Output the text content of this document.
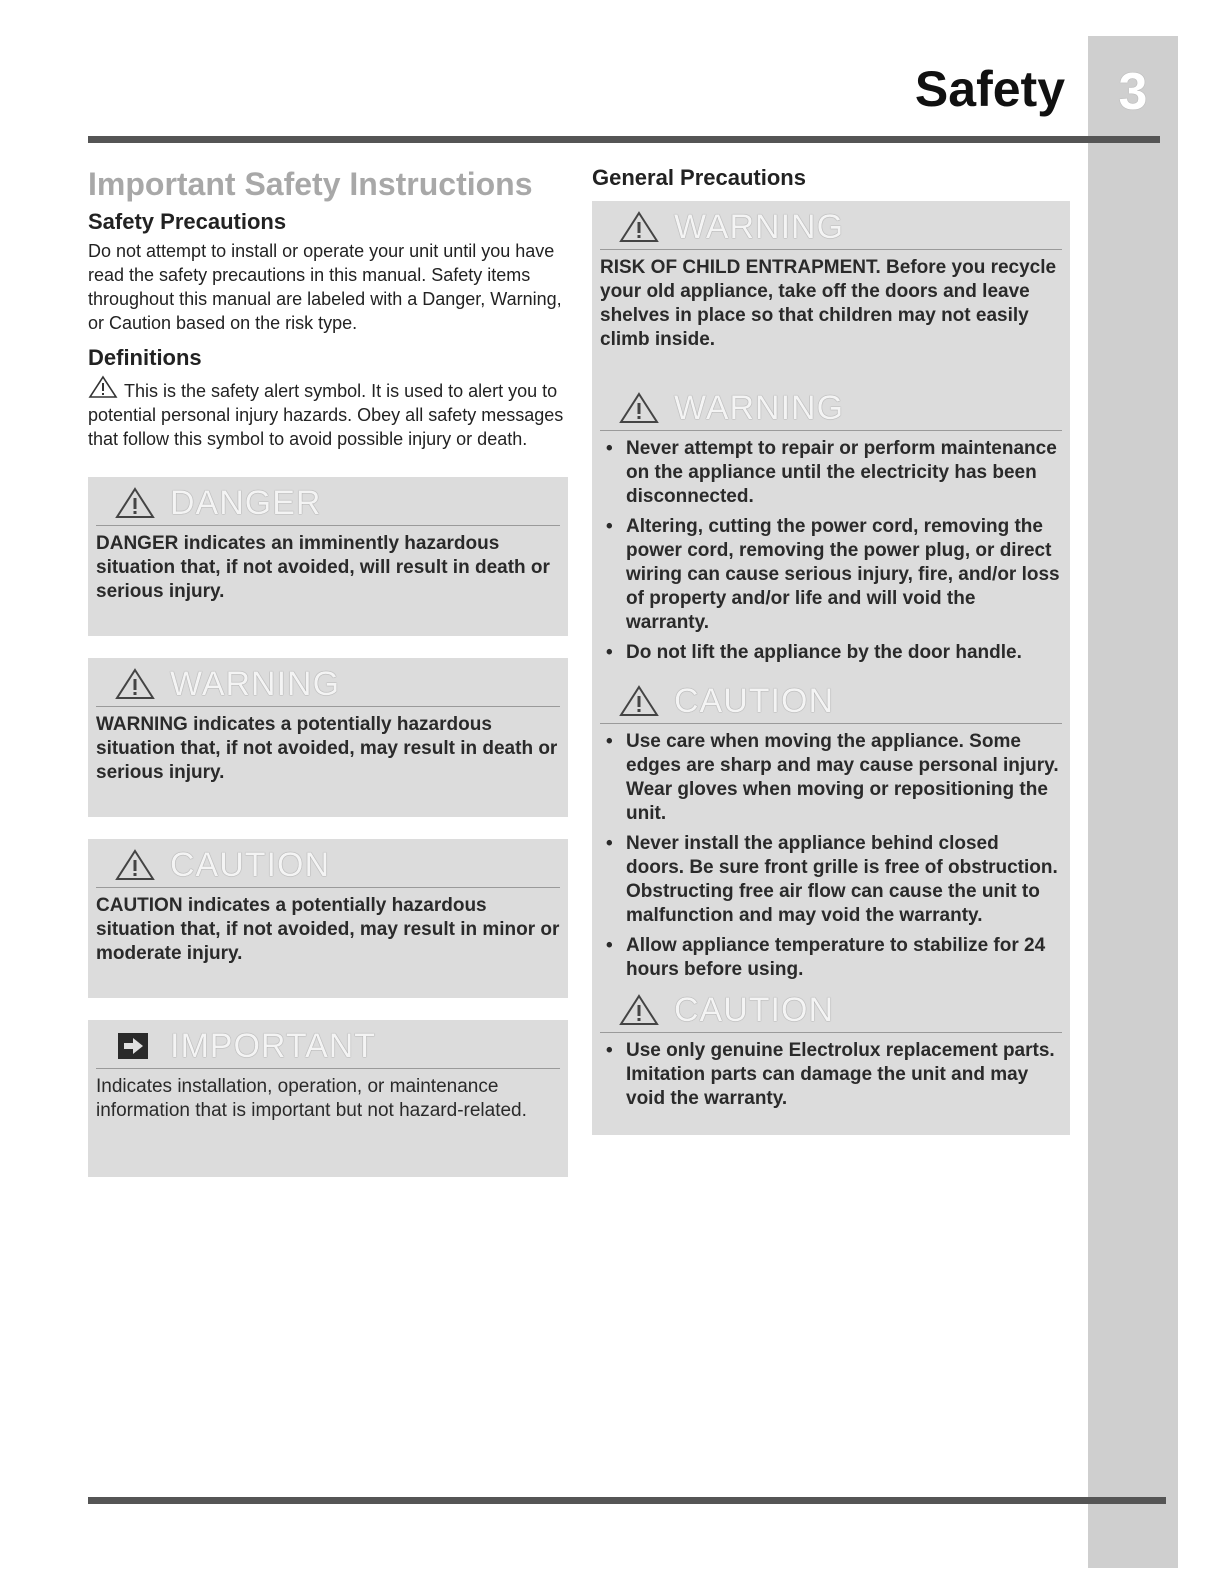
3
Safety
Important Safety Instructions
Safety Precautions

Do not attempt to install or operate your unit until you have read the safety precautions in this manual. Safety items throughout this manual are labeled with a Danger, Warning, or Caution based on the risk type.

Definitions

This is the safety alert symbol. It is used to alert you to potential personal injury hazards. Obey all safety messages that follow this symbol to avoid possible injury or death.

DANGER

DANGER indicates an imminently hazardous situation that, if not avoided, will result in death or serious injury.

WARNING

WARNING indicates a potentially hazardous situation that, if not avoided, may result in death or serious injury.

CAUTION

CAUTION indicates a potentially hazardous situation that, if not avoided, may result in minor or moderate injury.

IMPORTANT

Indicates installation, operation, or maintenance information that is important but not hazard-related.

General Precautions
WARNING

RISK OF CHILD ENTRAPMENT. Before you recycle your old appliance, take off the doors and leave shelves in place so that children may not easily climb inside.

WARNING
• Never attempt to repair or perform maintenance on the appliance until the electricity has been disconnected.
• Altering, cutting the power cord, removing the power cord, removing the power plug, or direct wiring can cause serious injury, fire, and/or loss of property and/or life and will void the warranty.
• Do not lift the appliance by the door handle.
CAUTION
• Use care when moving the appliance. Some edges are sharp and may cause personal injury. Wear gloves when moving or repositioning the unit.
• Never install the appliance behind closed doors. Be sure front grille is free of obstruction. Obstructing free air flow can cause the unit to malfunction and may void the warranty.
• Allow appliance temperature to stabilize for 24 hours before using.
CAUTION
• Use only genuine Electrolux replacement parts. Imitation parts can damage the unit and may void the warranty.
